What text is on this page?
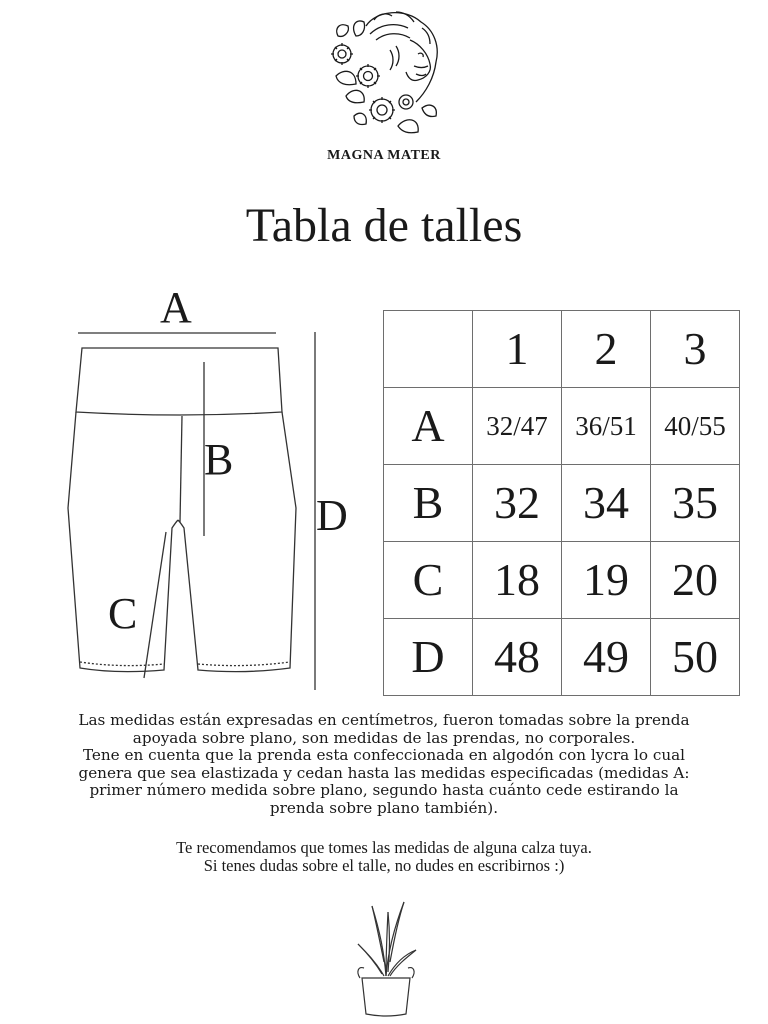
MAGNA MATER
Tabla de talles
A
B
C
D
	1	2	3
A	32/47	36/51	40/55
B	32	34	35
C	18	19	20
D	48	49	50

Las medidas están expresadas en centímetros, fueron tomadas sobre la prenda

apoyada sobre plano, son medidas de las prendas, no corporales.

Tene en cuenta que la prenda esta confeccionada en algodón con lycra lo cual

genera que sea elastizada y cedan hasta las medidas especificadas (medidas A:

primer número medida sobre plano, segundo hasta cuánto cede estirando la

prenda sobre plano también).

Te recomendamos que tomes las medidas de alguna calza tuya.

Si tenes dudas sobre el talle, no dudes en escribirnos :)
